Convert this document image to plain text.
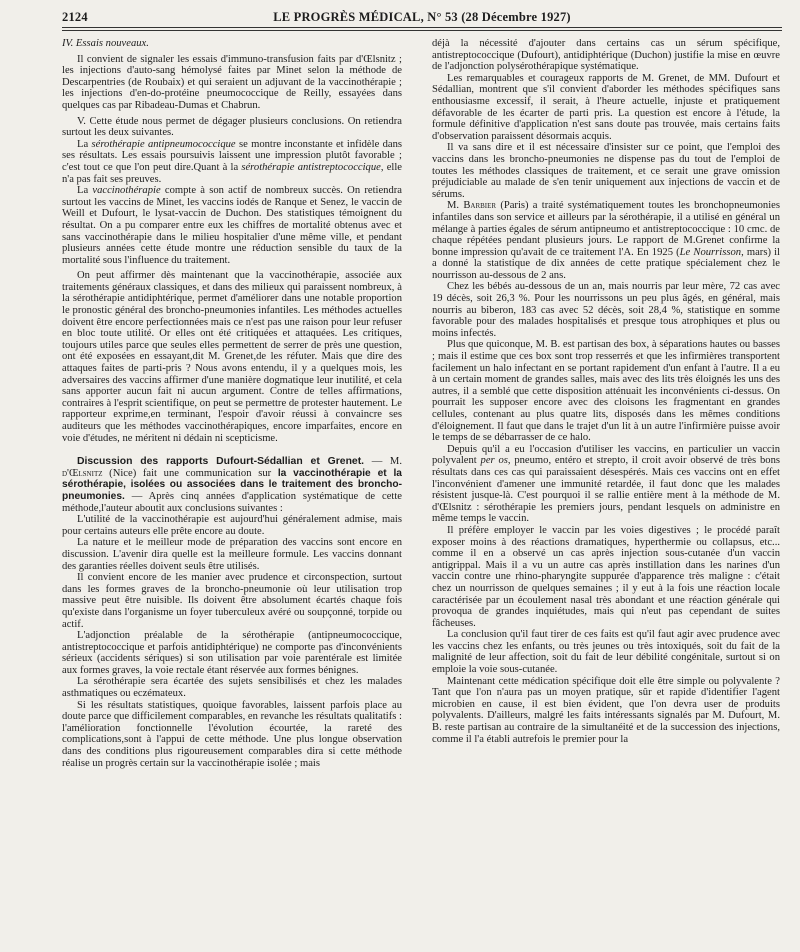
2124	LE PROGRÈS MÉDICAL, N° 53 (28 Décembre 1927)

IV. Essais nouveaux.

Il convient de signaler les essais d'immuno-transfusion faits par d'Œlsnitz ; les injections d'auto-sang hémolysé faites par Minet selon la méthode de Descarpentries (de Roubaix) et qui seraient un adjuvant de la vaccinothérapie ; les injections d'en-do-protéine pneumococcique de Reilly, essayées dans quelques cas par Ribadeau-Dumas et Chabrun.

V. Cette étude nous permet de dégager plusieurs conclusions. On retiendra surtout les deux suivantes.

La sérothérapie antipneumococcique se montre inconstante et infidèle dans ses résultats. Les essais poursuivis laissent une impression plutôt favorable ; c'est tout ce que l'on peut dire.Quant à la sérothérapie antistreptococcique, elle n'a pas fait ses preuves.

La vaccinothérapie compte à son actif de nombreux succès. On retiendra surtout les vaccins de Minet, les vaccins iodés de Ranque et Senez, le vaccin de Weill et Dufourt, le lysat-vaccin de Duchon. Des statistiques témoignent du résultat. On a pu comparer entre eux les chiffres de mortalité obtenus avec et sans vaccinothérapie dans le milieu hospitalier d'une même ville, et pendant plusieurs années cette étude montre une réduction sensible du taux de la mortalité sous l'influence du traitement.

On peut affirmer dès maintenant que la vaccinothérapie, associée aux traitements généraux classiques, et dans des milieux qui paraissent nombreux, à la sérothérapie antidiphtérique, permet d'améliorer dans une notable proportion le pronostic général des broncho-pneumonies infantiles. Les méthodes actuelles doivent être encore perfectionnées mais ce n'est pas une raison pour leur refuser en bloc toute utilité. Or elles ont été critiquées et attaquées. Les critiques, toujours utiles parce que seules elles permettent de serrer de près une question, ont été exposées en essayant,dit M. Grenet,de les réfuter. Mais que dire des attaques faites de parti-pris ? Nous avons entendu, il y a quelques mois, les adversaires des vaccins affirmer d'une manière dogmatique leur inutilité, et cela sans apporter aucun fait ni aucun argument. Contre de telles affirmations, contraires à l'esprit scientifique, on peut se permettre de protester hautement. Le rapporteur exprime,en terminant, l'espoir d'avoir réussi à convaincre ses auditeurs que les méthodes vaccinothérapiques, encore imparfaites, encore en voie d'études, ne méritent ni dédain ni scepticisme.

Discussion des rapports Dufourt-Sédallian et Grenet. — M. d'Œlsnitz (Nice) fait une communication sur la vaccinothérapie et la sérothérapie, isolées ou associées dans le traitement des broncho-pneumonies. — Après cinq années d'application systématique de cette méthode,l'auteur aboutit aux conclusions suivantes :

L'utilité de la vaccinothérapie est aujourd'hui généralement admise, mais pour certains auteurs elle prête encore au doute.

La nature et le meilleur mode de préparation des vaccins sont encore en discussion. L'avenir dira quelle est la meilleure formule. Les vaccins donnant des garanties réelles doivent seuls être utilisés.

Il convient encore de les manier avec prudence et circonspection, surtout dans les formes graves de la broncho-pneumonie où leur utilisation trop massive peut être nuisible. Ils doivent être absolument écartés chaque fois qu'existe dans l'organisme un foyer tuberculeux avéré ou soupçonné, torpide ou actif.

L'adjonction préalable de la sérothérapie (antipneumococcique, antistreptococcique et parfois antidiphtérique) ne comporte pas d'inconvénients sérieux (accidents sériques) si son utilisation par voie parentérale est limitée aux formes graves, la voie rectale étant réservée aux formes bénignes.

La sérothérapie sera écartée des sujets sensibilisés et chez les malades asthmatiques ou eczémateux.

Si les résultats statistiques, quoique favorables, laissent parfois place au doute parce que difficilement comparables, en revanche les résultats qualitatifs : l'amélioration fonctionnelle l'évolution écourtée, la rareté des complications,sont à l'appui de cette méthode. Une plus longue observation dans des conditions plus rigoureusement comparables dira si cette méthode réalise un progrès certain sur la vaccinothérapie isolée ; mais

déjà la nécessité d'ajouter dans certains cas un sérum spécifique, antistreptococcique (Dufourt), antidiphtérique (Duchon) justifie la mise en œuvre de l'adjonction polysérothérapique systématique.

Les remarquables et courageux rapports de M. Grenet, de MM. Dufourt et Sédallian, montrent que s'il convient d'aborder les méthodes spécifiques sans enthousiasme excessif, il serait, à l'heure actuelle, injuste et pratiquement défavorable de les écarter de parti pris. La question est encore à l'étude, la formule définitive d'application n'est sans doute pas trouvée, mais certains faits d'observation paraissent désormais acquis.

Il va sans dire et il est nécessaire d'insister sur ce point, que l'emploi des vaccins dans les broncho-pneumonies ne dispense pas du tout de l'emploi de toutes les méthodes classiques de traitement, et ce serait une grave omission préjudiciable au malade de s'en tenir uniquement aux injections de vaccin et de sérums.

M. Barbier (Paris) a traité systématiquement toutes les bronchopneumonies infantiles dans son service et ailleurs par la sérothérapie, il a utilisé en général un mélange à parties égales de sérum antipneumo et antistreptococcique : 10 cmc. de chaque répétées pendant plusieurs jours. Le rapport de M.Grenet confirme la bonne impression qu'avait de ce traitement l'A. En 1925 (Le Nourrisson, mars) il a donné la statistique de dix années de cette pratique spécialement chez le nourrisson au-dessous de 2 ans.

Chez les bébés au-dessous de un an, mais nourris par leur mère, 72 cas avec 19 décès, soit 26,3 %. Pour les nourrissons un peu plus âgés, en général, mais nourris au biberon, 183 cas avec 52 décès, soit 28,4 %, statistique en somme favorable pour des malades hospitalisés et presque tous atrophiques et plus ou moins infectés.

Plus que quiconque, M. B. est partisan des box, à séparations hautes ou basses ; mais il estime que ces box sont trop resserrés et que les infirmières transportent facilement un halo infectant en se portant rapidement d'un enfant à l'autre. Il a eu à un certain moment de grandes salles, mais avec des lits très éloignés les uns des autres, il a semblé que cette disposition atténuait les inconvénients ci-dessus. On pourrait les supposer encore avec des cloisons les fragmentant en grandes cellules, contenant au plus quatre lits, disposés dans les mêmes conditions d'éloignement. Il faut que dans le trajet d'un lit à un autre l'infirmière puisse avoir le temps de se débarrasser de ce halo.

Depuis qu'il a eu l'occasion d'utiliser les vaccins, en particulier un vaccin polyvalent per os, pneumo, entéro et strepto, il croit avoir observé de très bons résultats dans ces cas qui paraissaient désespérés. Mais ces vaccins ont en effet l'inconvénient d'amener une immunité retardée, il faut donc que les malades résistent jusque-là. C'est pourquoi il se rallie entière ment à la méthode de M. d'Œlsnitz : sérothérapie les premiers jours, pendant lesquels on administre en même temps le vaccin.

Il préfère employer le vaccin par les voies digestives ; le procédé paraît exposer moins à des réactions dramatiques, hyperthermie ou collapsus, etc... comme il en a observé un cas après injection sous-cutanée d'un vaccin antigrippal. Mais il a vu un autre cas après instillation dans les narines d'un vaccin contre une rhino-pharyngite suppurée d'apparence très maligne : c'était chez un nourrisson de quelques semaines ; il y eut à la fois une réaction locale caractérisée par un écoulement nasal très abondant et une réaction générale qui provoqua de grandes inquiétudes, mais qui n'eut pas cependant de suites fâcheuses.

La conclusion qu'il faut tirer de ces faits est qu'il faut agir avec prudence avec les vaccins chez les enfants, ou très jeunes ou très intoxiqués, soit du fait de la malignité de leur affection, soit du fait de leur débilité congénitale, surtout si on emploie la voie sous-cutanée.

Maintenant cette médication spécifique doit elle être simple ou polyvalente ? Tant que l'on n'aura pas un moyen pratique, sûr et rapide d'identifier l'agent microbien en cause, il est bien évident, que l'on devra user de produits polyvalents. D'ailleurs, malgré les faits intéressants signalés par M. Dufourt, M. B. reste partisan au contraire de la simultanéité et de la succession des injections, comme il l'a établi autrefois le premier pour la
